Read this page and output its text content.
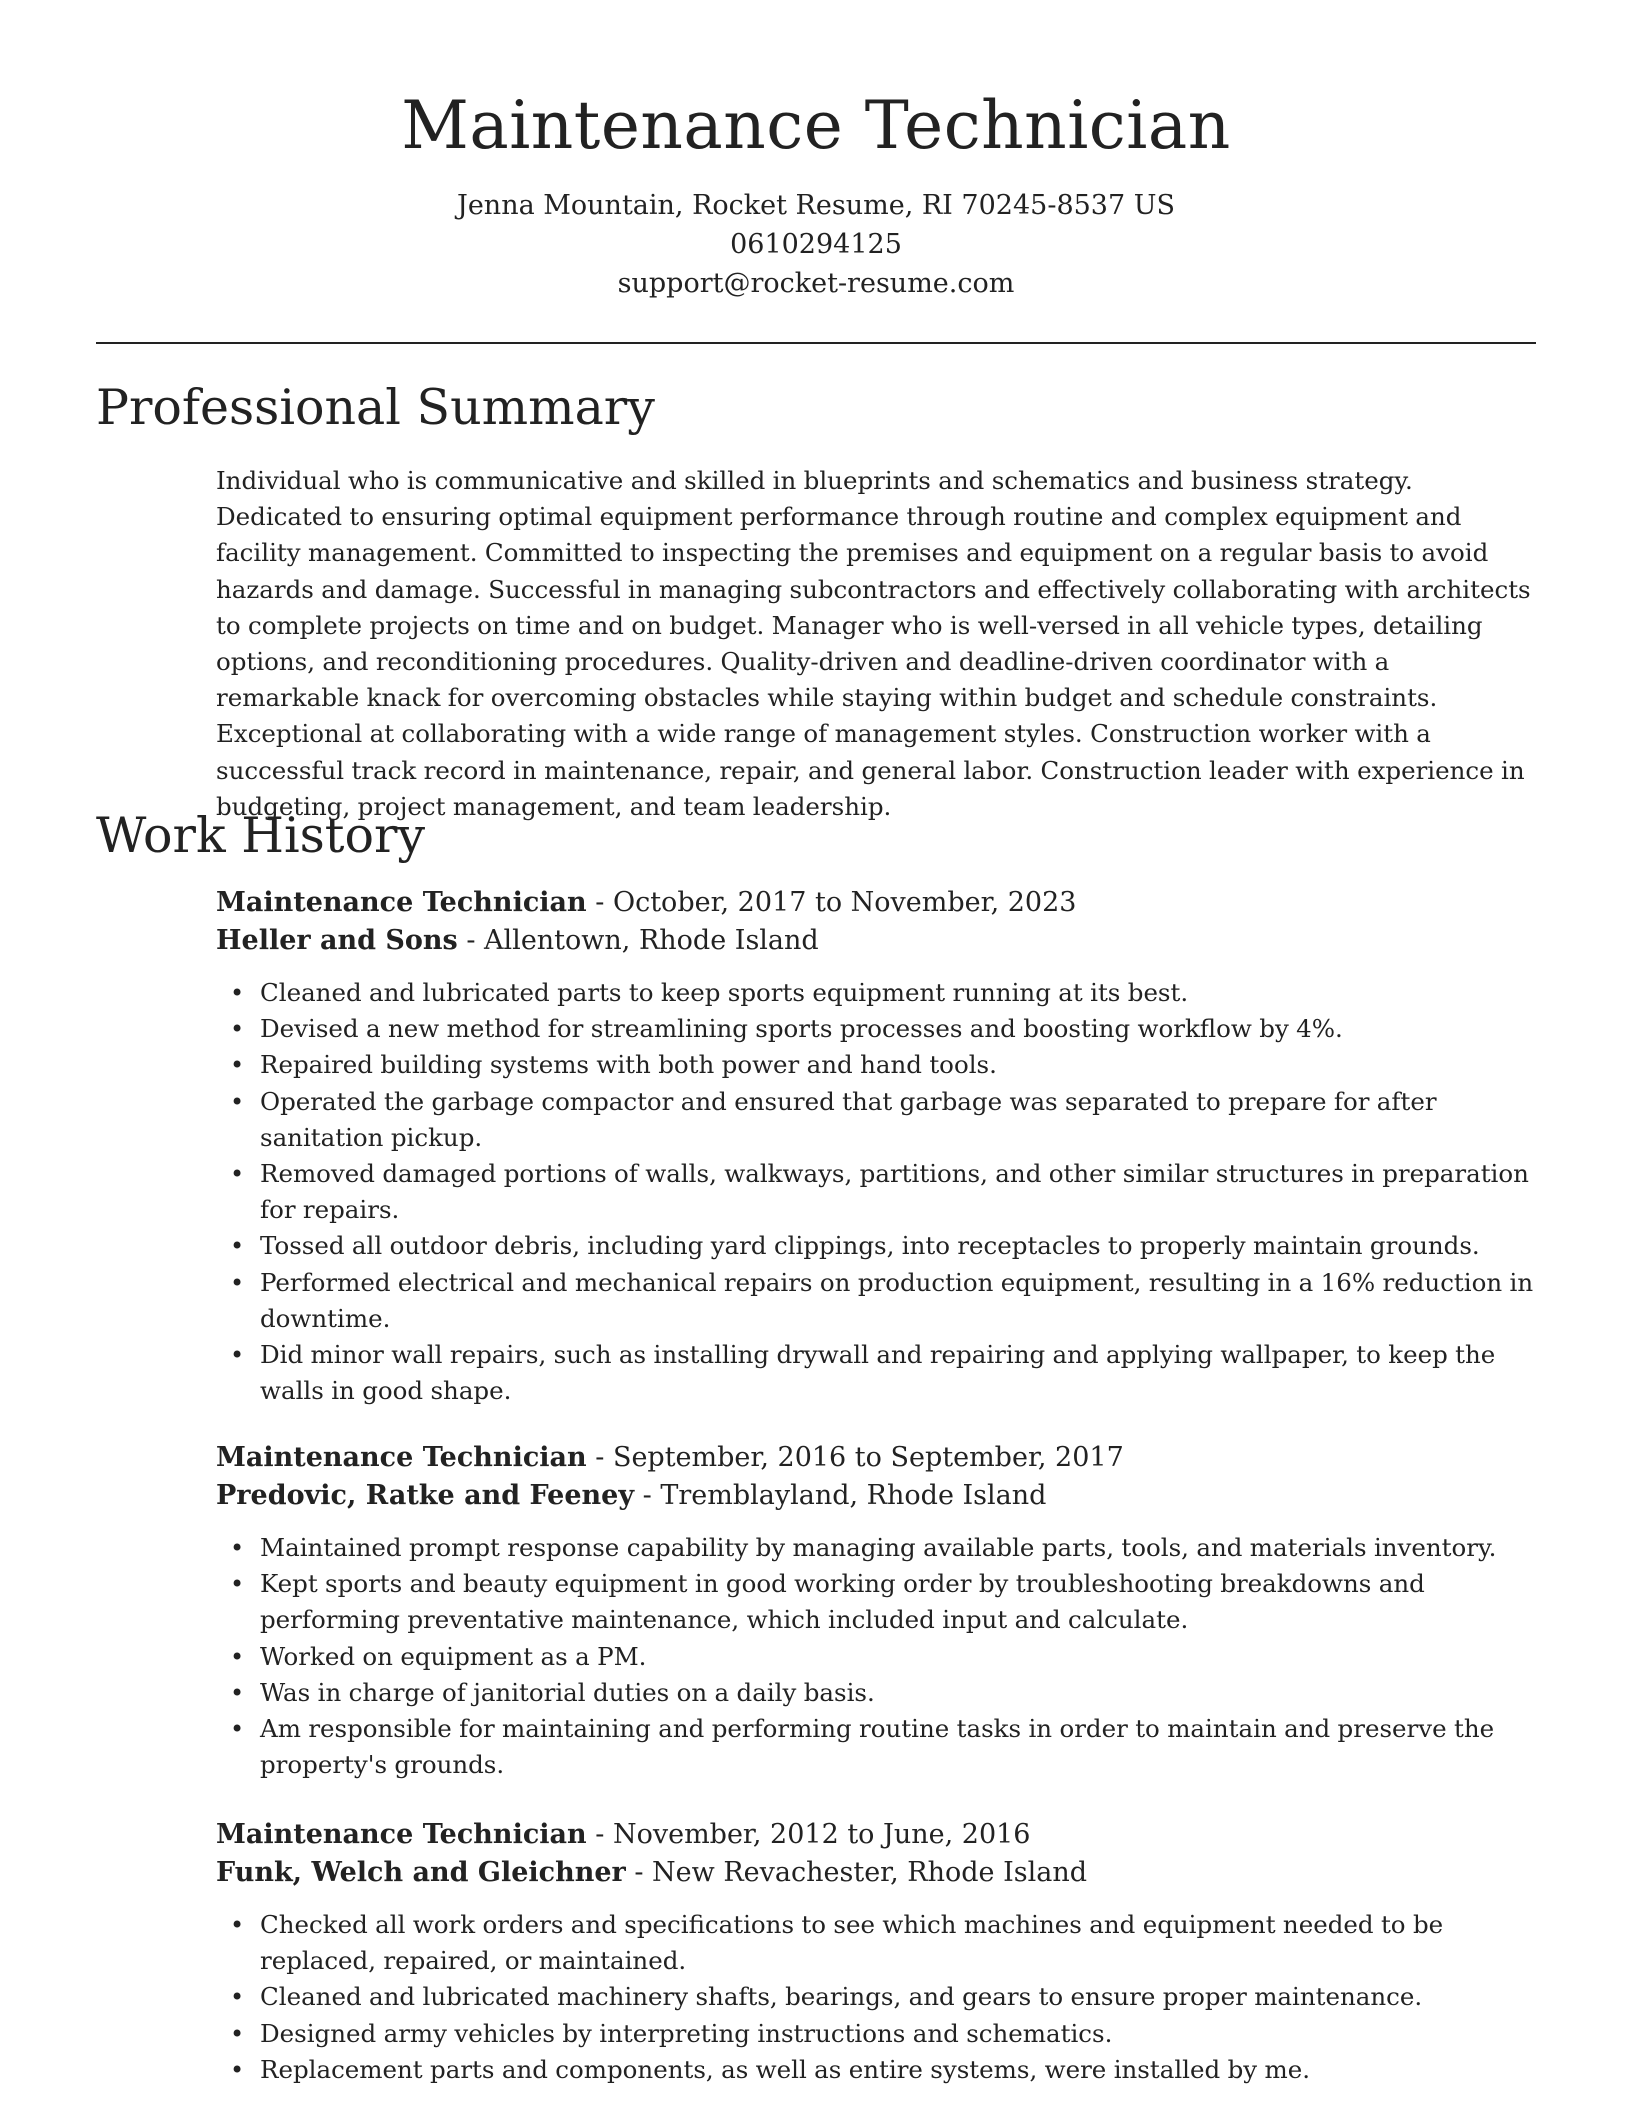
Maintenance Technician
Jenna Mountain, Rocket Resume, RI 70245-8537 US
0610294125
support@rocket-resume.com
Professional Summary

Individual who is communicative and skilled in blueprints and schematics and business strategy. Dedicated to ensuring optimal equipment performance through routine and complex equipment and facility management. Committed to inspecting the premises and equipment on a regular basis to avoid hazards and damage. Successful in managing subcontractors and effectively collaborating with architects to complete projects on time and on budget. Manager who is well-versed in all vehicle types, detailing options, and reconditioning procedures. Quality-driven and deadline-driven coordinator with a remarkable knack for overcoming obstacles while staying within budget and schedule constraints. Exceptional at collaborating with a wide range of management styles. Construction worker with a successful track record in maintenance, repair, and general labor. Construction leader with experience in budgeting, project management, and team leadership.

Work History
Maintenance Technician - October, 2017 to November, 2023
Heller and Sons - Allentown, Rhode Island
• Cleaned and lubricated parts to keep sports equipment running at its best.
• Devised a new method for streamlining sports processes and boosting workflow by 4%.
• Repaired building systems with both power and hand tools.
• Operated the garbage compactor and ensured that garbage was separated to prepare for after sanitation pickup.
• Removed damaged portions of walls, walkways, partitions, and other similar structures in preparation for repairs.
• Tossed all outdoor debris, including yard clippings, into receptacles to properly maintain grounds.
• Performed electrical and mechanical repairs on production equipment, resulting in a 16% reduction in downtime.
• Did minor wall repairs, such as installing drywall and repairing and applying wallpaper, to keep the walls in good shape.
Maintenance Technician - September, 2016 to September, 2017
Predovic, Ratke and Feeney - Tremblayland, Rhode Island
• Maintained prompt response capability by managing available parts, tools, and materials inventory.
• Kept sports and beauty equipment in good working order by troubleshooting breakdowns and performing preventative maintenance, which included input and calculate.
• Worked on equipment as a PM.
• Was in charge of janitorial duties on a daily basis.
• Am responsible for maintaining and performing routine tasks in order to maintain and preserve the property's grounds.
Maintenance Technician - November, 2012 to June, 2016
Funk, Welch and Gleichner - New Revachester, Rhode Island
• Checked all work orders and specifications to see which machines and equipment needed to be replaced, repaired, or maintained.
• Cleaned and lubricated machinery shafts, bearings, and gears to ensure proper maintenance.
• Designed army vehicles by interpreting instructions and schematics.
• Replacement parts and components, as well as entire systems, were installed by me.
